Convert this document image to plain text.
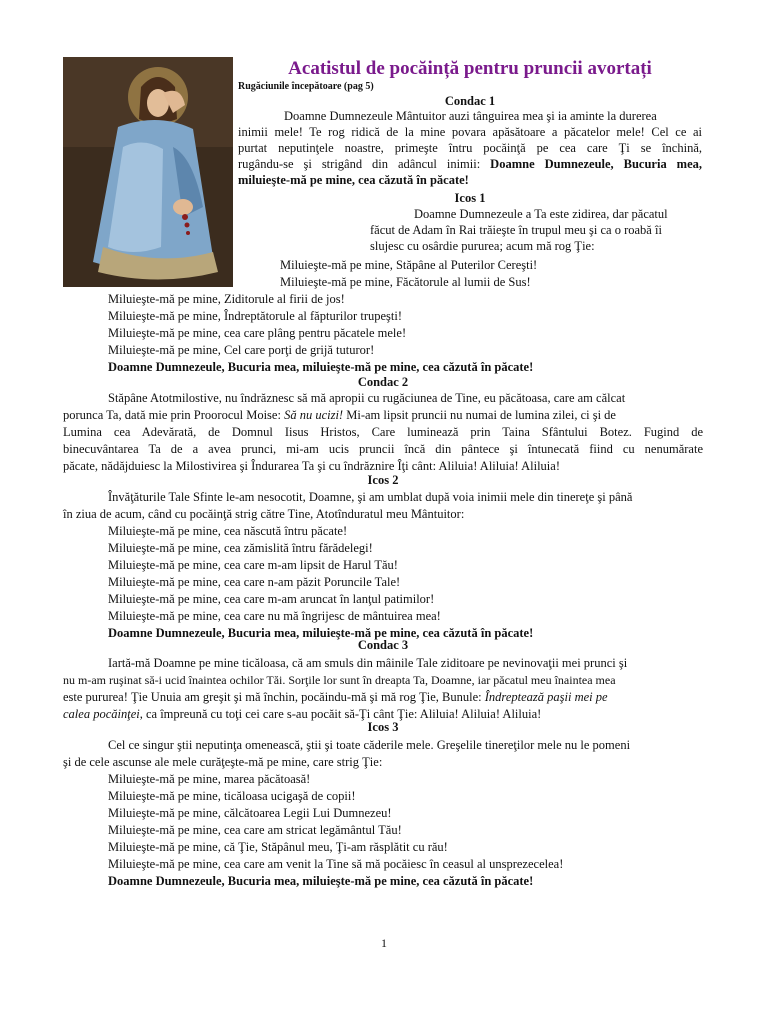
Acatistul de pocăință pentru pruncii avortați
Rugăciunile începătoare (pag 5)
Condac 1
Doamne Dumnezeule Mântuitor auzi tânguirea mea şi ia aminte la durerea
inimii mele! Te rog ridică de la mine povara apăsătoare a păcatelor mele! Cel ce ai
purtat neputinţele noastre, primeşte întru pocăinţă pe cea care Ţi se închină,
rugându-se şi strigând din adâncul inimii: Doamne Dumnezeule, Bucuria mea,
miluieşte-mă pe mine, cea căzută în păcate!
Icos 1
Doamne Dumnezeule a Ta este zidirea, dar păcatul
făcut de Adam în Rai trăieşte în trupul meu şi ca o roabă îi
slujesc cu osârdie pururea; acum mă rog Ţie:
Miluieşte-mă pe mine, Stăpâne al Puterilor Cereşti!
Miluieşte-mă pe mine, Făcătorule al lumii de Sus!
Miluieşte-mă pe mine, Ziditorule al firii de jos!
Miluieşte-mă pe mine, Îndreptătorule al făpturilor trupeşti!
Miluieşte-mă pe mine, cea care plâng pentru păcatele mele!
Miluieşte-mă pe mine, Cel care porţi de grijă tuturor!
Doamne Dumnezeule, Bucuria mea, miluieşte-mă pe mine, cea căzută în păcate!
Condac 2
Stăpâne Atotmilostive, nu îndrăznesc să mă apropii cu rugăciunea de Tine, eu păcătoasa, care am călcat
porunca Ta, dată mie prin Proorocul Moise: Să nu ucizi! Mi-am lipsit pruncii nu numai de lumina zilei, ci şi de
Lumina cea Adevărată, de Domnul Iisus Hristos, Care luminează prin Taina Sfântului Botez. Fugind de
binecuvântarea Ta de a avea prunci, mi-am ucis pruncii încă din pântece şi întunecată fiind cu nenumărate
păcate, nădăjduiesc la Milostivirea şi Îndurarea Ta şi cu îndrăznire Îţi cânt: Aliluia! Aliluia! Aliluia!
Icos 2
Învăţăturile Tale Sfinte le-am nesocotit, Doamne, şi am umblat după voia inimii mele din tinereţe şi până
în ziua de acum, când cu pocăinţă strig către Tine, Atotînduratul meu Mântuitor:
Miluieşte-mă pe mine, cea născută întru păcate!
Miluieşte-mă pe mine, cea zămislită întru fărădelegi!
Miluieşte-mă pe mine, cea care m-am lipsit de Harul Tău!
Miluieşte-mă pe mine, cea care n-am păzit Poruncile Tale!
Miluieşte-mă pe mine, cea care m-am aruncat în lanţul patimilor!
Miluieşte-mă pe mine, cea care nu mă îngrijesc de mântuirea mea!
Doamne Dumnezeule, Bucuria mea, miluieşte-mă pe mine, cea căzută în păcate!
Condac 3
Iartă-mă Doamne pe mine ticăloasa, că am smuls din mâinile Tale ziditoare pe nevinovaţii mei prunci şi
nu m-am ruşinat să-i ucid înaintea ochilor Tăi. Sorţile lor sunt în dreapta Ta, Doamne, iar păcatul meu înaintea mea
este pururea! Ţie Unuia am greşit şi mă închin, pocăindu-mă şi mă rog Ţie, Bunule: Îndreptează paşii mei pe
calea pocăinţei, ca împreună cu toţi cei care s-au pocăit să-Ţi cânt Ţie: Aliluia! Aliluia! Aliluia!
Icos 3
Cel ce singur ştii neputinţa omenească, ştii şi toate căderile mele. Greşelile tinereţilor mele nu le pomeni
şi de cele ascunse ale mele curăţeşte-mă pe mine, care strig Ţie:
Miluieşte-mă pe mine, marea păcătoasă!
Miluieşte-mă pe mine, ticăloasa ucigaşă de copii!
Miluieşte-mă pe mine, călcătoarea Legii Lui Dumnezeu!
Miluieşte-mă pe mine, cea care am stricat legământul Tău!
Miluieşte-mă pe mine, că Ţie, Stăpânul meu, Ţi-am răsplătit cu rău!
Miluieşte-mă pe mine, cea care am venit la Tine să mă pocăiesc în ceasul al unsprezecelea!
Doamne Dumnezeule, Bucuria mea, miluieşte-mă pe mine, cea căzută în păcate!
1
